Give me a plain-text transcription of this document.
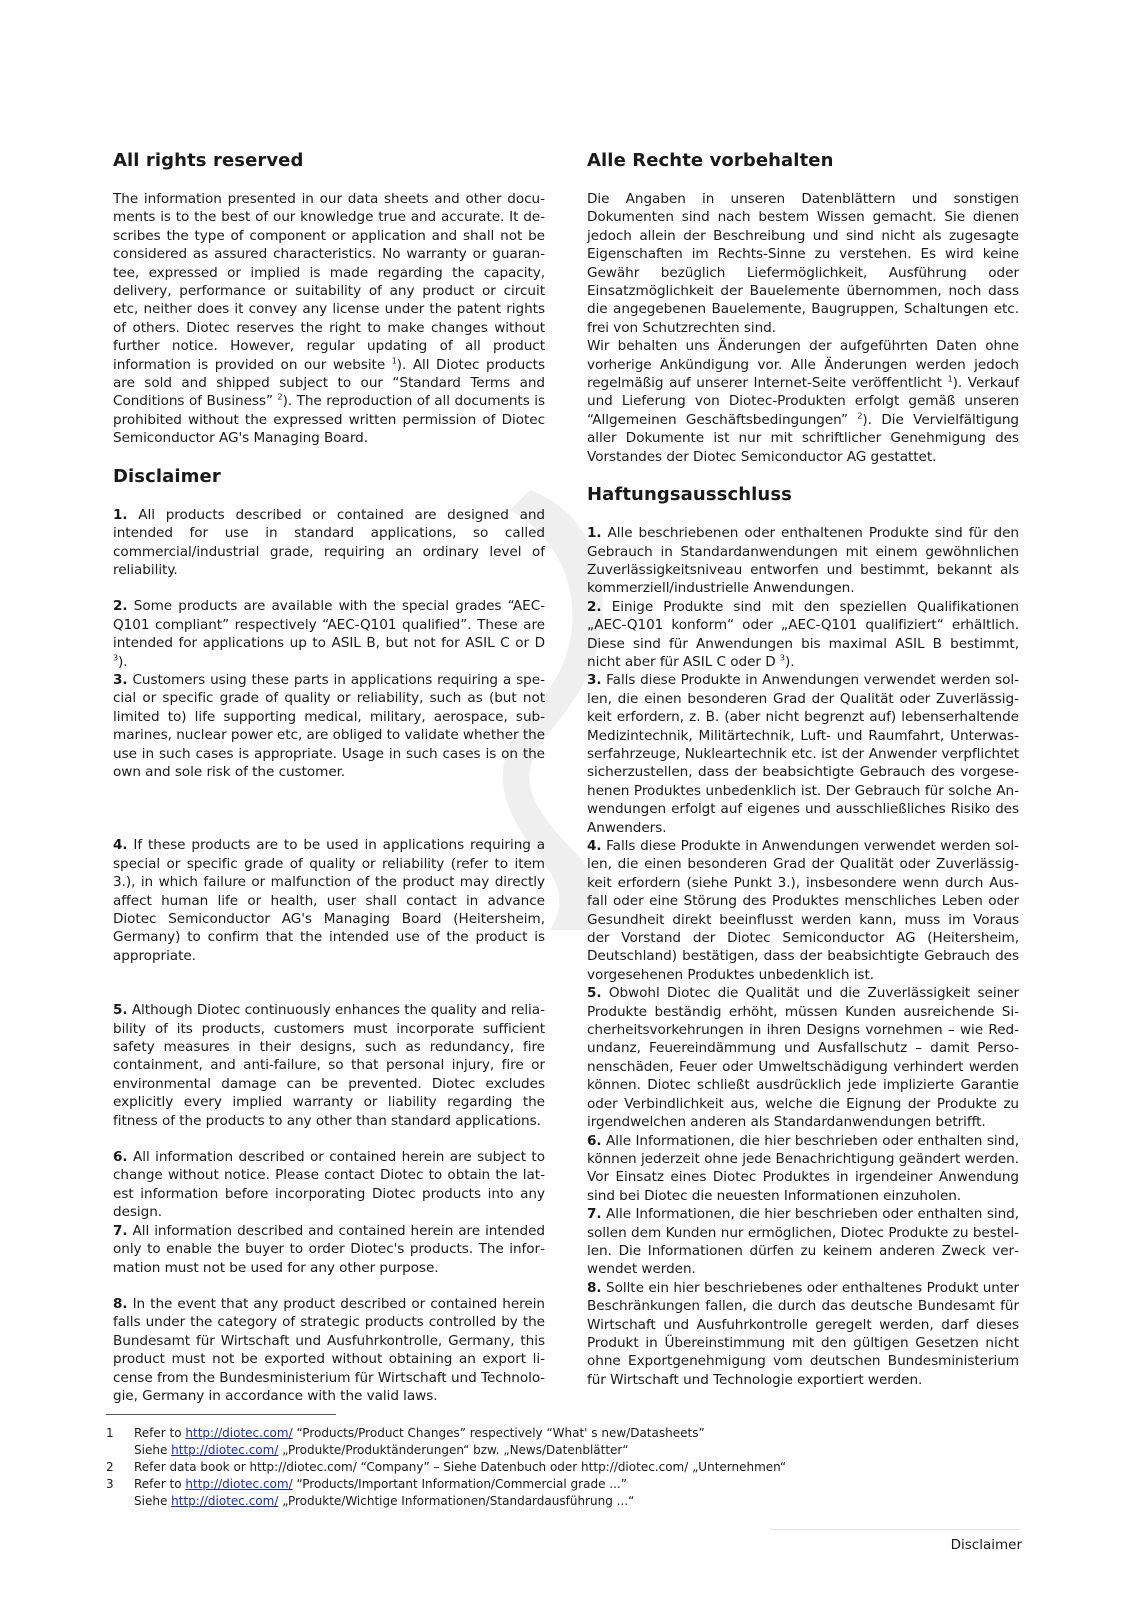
All rights reserved

The information presented in our data sheets and other documents is to the best of our knowledge true and accurate. It describes the type of component or application and shall not be considered as assured characteristics. No warranty or guarantee, expressed or implied is made regarding the capacity, delivery, performance or suitability of any product or circuit etc, neither does it convey any license under the patent rights of others. Diotec reserves the right to make changes without further notice. However, regular updating of all product information is provided on our website $^1$). All Diotec products are sold and shipped subject to our “Standard Terms and Conditions of Business” $^2$). The reproduction of all documents is prohibited without the expressed written permission of Diotec Semiconductor AG's Managing Board.

Disclaimer

1. All products described or contained are designed and intended for use in standard applications, so called commercial/industrial grade, requiring an ordinary level of reliability.

2. Some products are available with the special grades “AEC-Q101 compliant” respectively “AEC-Q101 qualified”. These are intended for applications up to ASIL B, but not for ASIL C or D $^3$).

3. Customers using these parts in applications requiring a special or specific grade of quality or reliability, such as (but not limited to) life supporting medical, military, aerospace, submarines, nuclear power etc, are obliged to validate whether the use in such cases is appropriate. Usage in such cases is on the own and sole risk of the customer.

4. If these products are to be used in applications requiring a special or specific grade of quality or reliability (refer to item 3.), in which failure or malfunction of the product may directly affect human life or health, user shall contact in advance Diotec Semiconductor AG's Managing Board (Heitersheim, Germany) to confirm that the intended use of the product is appropriate.

5. Although Diotec continuously enhances the quality and reliability of its products, customers must incorporate sufficient safety measures in their designs, such as redundancy, fire containment, and anti-failure, so that personal injury, fire or environmental damage can be prevented. Diotec excludes explicitly every implied warranty or liability regarding the fitness of the products to any other than standard applications.

6. All information described or contained herein are subject to change without notice. Please contact Diotec to obtain the latest information before incorporating Diotec products into any design.

7. All information described and contained herein are intended only to enable the buyer to order Diotec's products. The information must not be used for any other purpose.

8. In the event that any product described or contained herein falls under the category of strategic products controlled by the Bundesamt für Wirtschaft und Ausfuhrkontrolle, Germany, this product must not be exported without obtaining an export license from the Bundesministerium für Wirtschaft und Technologie, Germany in accordance with the valid laws.

Alle Rechte vorbehalten

Die Angaben in unseren Datenblättern und sonstigen Dokumenten sind nach bestem Wissen gemacht. Sie dienen jedoch allein der Beschreibung und sind nicht als zugesagte Eigenschaften im Rechts-Sinne zu verstehen. Es wird keine Gewähr bezüglich Liefermöglichkeit, Ausführung oder Einsatzmöglichkeit der Bauelemente übernommen, noch dass die angegebenen Bauelemente, Baugruppen, Schaltungen etc. frei von Schutzrechten sind.

Wir behalten uns Änderungen der aufgeführten Daten ohne vorherige Ankündigung vor. Alle Änderungen werden jedoch regelmäßig auf unserer Internet-Seite veröffentlicht $^1$). Verkauf und Lieferung von Diotec-Produkten erfolgt gemäß unseren “Allgemeinen Geschäftsbedingungen” $^2$). Die Vervielfältigung aller Dokumente ist nur mit schriftlicher Genehmigung des Vorstandes der Diotec Semiconductor AG gestattet.

Haftungsausschluss

1. Alle beschriebenen oder enthaltenen Produkte sind für den Gebrauch in Standardanwendungen mit einem gewöhnlichen Zuverlässigkeitsniveau entworfen und bestimmt, bekannt als kommerziell/industrielle Anwendungen.

2. Einige Produkte sind mit den speziellen Qualifikationen „AEC-Q101 konform“ oder „AEC-Q101 qualifiziert“ erhältlich. Diese sind für Anwendungen bis maximal ASIL B bestimmt, nicht aber für ASIL C oder D $^3$).

3. Falls diese Produkte in Anwendungen verwendet werden sollen, die einen besonderen Grad der Qualität oder Zuverlässigkeit erfordern, z. B. (aber nicht begrenzt auf) lebenserhaltende Medizintechnik, Militärtechnik, Luft- und Raumfahrt, Unterwasserfahrzeuge, Nukleartechnik etc. ist der Anwender verpflichtet sicherzustellen, dass der beabsichtigte Gebrauch des vorgesehenen Produktes unbedenklich ist. Der Gebrauch für solche Anwendungen erfolgt auf eigenes und ausschließliches Risiko des Anwenders.

4. Falls diese Produkte in Anwendungen verwendet werden sollen, die einen besonderen Grad der Qualität oder Zuverlässigkeit erfordern (siehe Punkt 3.), insbesondere wenn durch Ausfall oder eine Störung des Produktes menschliches Leben oder Gesundheit direkt beeinflusst werden kann, muss im Voraus der Vorstand der Diotec Semiconductor AG (Heitersheim, Deutschland) bestätigen, dass der beabsichtigte Gebrauch des vorgesehenen Produktes unbedenklich ist.

5. Obwohl Diotec die Qualität und die Zuverlässigkeit seiner Produkte beständig erhöht, müssen Kunden ausreichende Sicherheitsvorkehrungen in ihren Designs vornehmen – wie Redundanz, Feuereindämmung und Ausfallschutz – damit Personenschäden, Feuer oder Umweltschädigung verhindert werden können. Diotec schließt ausdrücklich jede implizierte Garantie oder Verbindlichkeit aus, welche die Eignung der Produkte zu irgendwelchen anderen als Standardanwendungen betrifft.

6. Alle Informationen, die hier beschrieben oder enthalten sind, können jederzeit ohne jede Benachrichtigung geändert werden. Vor Einsatz eines Diotec Produktes in irgendeiner Anwendung sind bei Diotec die neuesten Informationen einzuholen.

7. Alle Informationen, die hier beschrieben oder enthalten sind, sollen dem Kunden nur ermöglichen, Diotec Produkte zu bestellen. Die Informationen dürfen zu keinem anderen Zweck verwendet werden.

8. Sollte ein hier beschriebenes oder enthaltenes Produkt unter Beschränkungen fallen, die durch das deutsche Bundesamt für Wirtschaft und Ausfuhrkontrolle geregelt werden, darf dieses Produkt in Übereinstimmung mit den gültigen Gesetzen nicht ohne Exportgenehmigung vom deutschen Bundesministerium für Wirtschaft und Technologie exportiert werden.

1	Refer to http://diotec.com/ “Products/Product Changes” respectively “What' s new/Datasheets”
Siehe http://diotec.com/ „Produkte/Produktänderungen“ bzw. „News/Datenblätter“
2	Refer data book or http://diotec.com/ “Company” – Siehe Datenbuch oder http://diotec.com/ „Unternehmen“
3	Refer to http://diotec.com/ “Products/Important Information/Commercial grade ...”
Siehe http://diotec.com/ „Produkte/Wichtige Informationen/Standardausführung ...“
Disclaimer
